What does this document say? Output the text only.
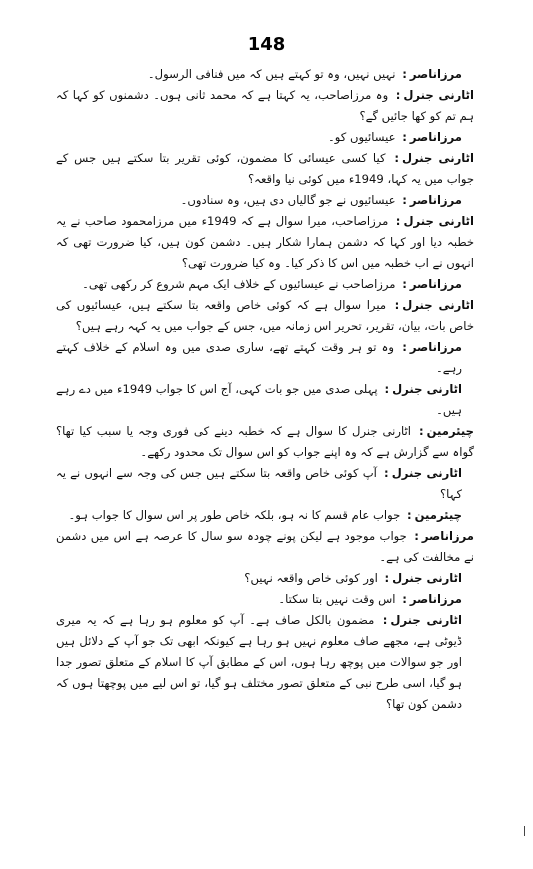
148
مرزاناصر: نہیں نہیں، وہ تو کہتے ہیں کہ میں فنافی الرسول۔
اٹارنی جنرل: وہ مرزاصاحب، یہ کہتا ہے کہ محمد ثانی ہوں۔ دشمنوں کو کہا کہ ہم تم کو کھا جائیں گے؟
مرزاناصر: عیسائیوں کو۔
اٹارنی جنرل: کیا کسی عیسائی کا مضمون، کوئی تقریر بتا سکتے ہیں جس کے جواب میں یہ کہا، 1949ء میں کوئی نیا واقعہ؟
مرزاناصر: عیسائیوں نے جو گالیاں دی ہیں، وہ سنادوں۔
اٹارنی جنرل: مرزاصاحب، میرا سوال ہے کہ 1949ء میں مرزامحمود صاحب نے یہ خطبہ دیا اور کہا کہ دشمن ہمارا شکار ہیں۔ دشمن کون ہیں، کیا ضرورت تھی کہ انہوں نے اب خطبہ میں اس کا ذکر کیا۔ وہ کیا ضرورت تھی؟
مرزاناصر: مرزاصاحب نے عیسائیوں کے خلاف ایک مہم شروع کر رکھی تھی۔
اٹارنی جنرل: میرا سوال ہے کہ کوئی خاص واقعہ بتا سکتے ہیں، عیسائیوں کی خاص بات، بیان، تقریر، تحریر اس زمانہ میں، جس کے جواب میں یہ کہہ رہے ہیں؟
مرزاناصر: وہ تو ہر وقت کہتے تھے، ساری صدی میں وہ اسلام کے خلاف کہتے رہے۔
اٹارنی جنرل: پہلی صدی میں جو بات کہی، آج اس کا جواب 1949ء میں دے رہے ہیں۔
چیئرمین: اٹارنی جنرل کا سوال ہے کہ خطبہ دینے کی فوری وجہ یا سبب کیا تھا؟ گواہ سے گزارش ہے کہ وہ اپنے جواب کو اس سوال تک محدود رکھے۔
اٹارنی جنرل: آپ کوئی خاص واقعہ بتا سکتے ہیں جس کی وجہ سے انہوں نے یہ کہا؟
چیئرمین: جواب عام قسم کا نہ ہو، بلکہ خاص طور پر اس سوال کا جواب ہو۔
مرزاناصر: جواب موجود ہے لیکن پونے چودہ سو سال کا عرصہ ہے اس میں دشمن نے مخالفت کی ہے۔
اٹارنی جنرل: اور کوئی خاص واقعہ نہیں؟
مرزاناصر: اس وقت نہیں بتا سکتا۔
اٹارنی جنرل: مضمون بالکل صاف ہے۔ آپ کو معلوم ہو رہا ہے کہ یہ میری ڈیوٹی ہے، مجھے صاف معلوم نہیں ہو رہا ہے کیونکہ ابھی تک جو آپ کے دلائل ہیں اور جو سوالات میں پوچھ رہا ہوں، اس کے مطابق آپ کا اسلام کے متعلق تصور جدا ہو گیا، اسی طرح نبی کے متعلق تصور مختلف ہو گیا، تو اس لیے میں پوچھتا ہوں کہ دشمن کون تھا؟
